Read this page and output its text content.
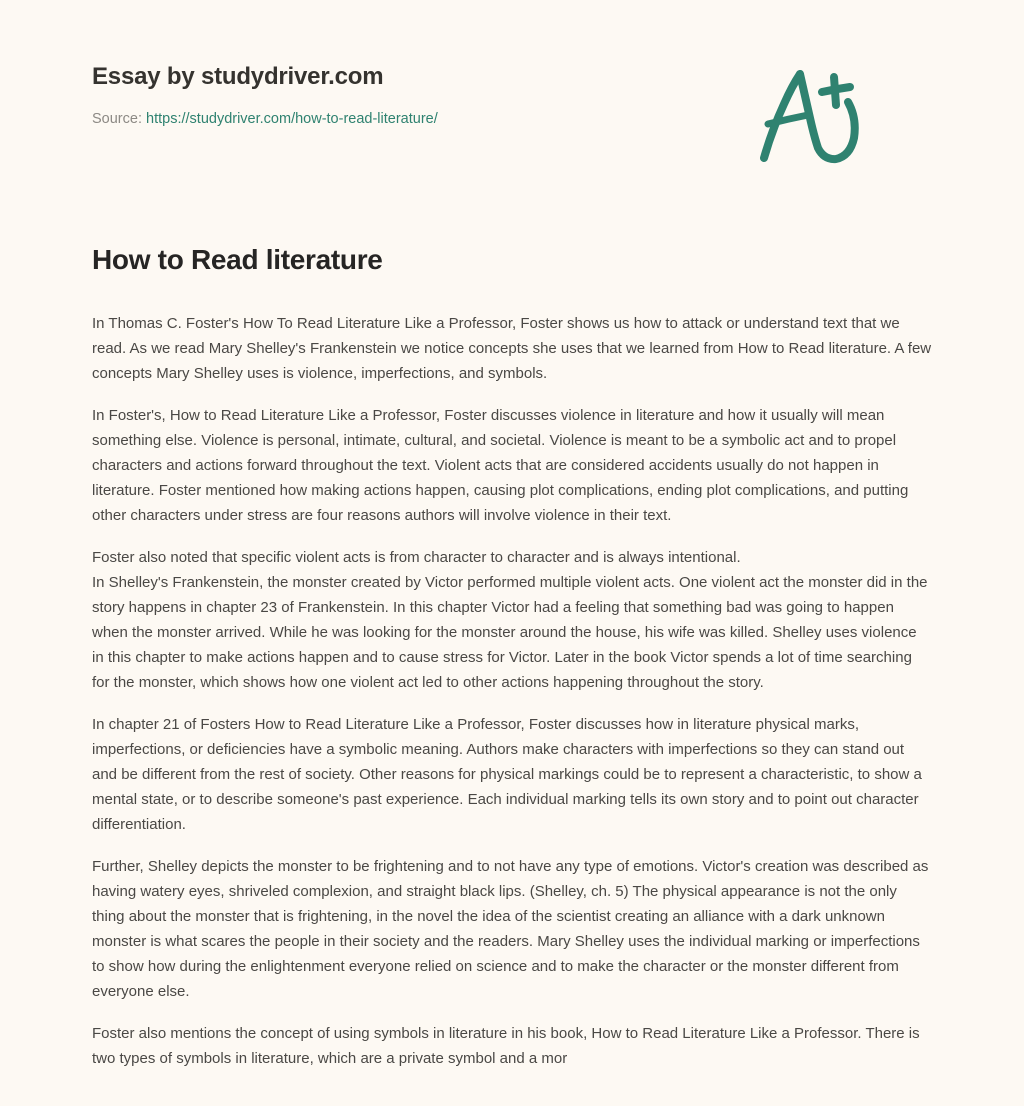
Essay by studydriver.com
Source: https://studydriver.com/how-to-read-literature/
How to Read literature

In Thomas C. Foster's How To Read Literature Like a Professor, Foster shows us how to attack or understand text that we read. As we read Mary Shelley's Frankenstein we notice concepts she uses that we learned from How to Read literature. A few concepts Mary Shelley uses is violence, imperfections, and symbols.

In Foster's, How to Read Literature Like a Professor, Foster discusses violence in literature and how it usually will mean something else. Violence is personal, intimate, cultural, and societal. Violence is meant to be a symbolic act and to propel characters and actions forward throughout the text. Violent acts that are considered accidents usually do not happen in literature. Foster mentioned how making actions happen, causing plot complications, ending plot complications, and putting other characters under stress are four reasons authors will involve violence in their text.

Foster also noted that specific violent acts is from character to character and is always intentional.
In Shelley's Frankenstein, the monster created by Victor performed multiple violent acts. One violent act the monster did in the story happens in chapter 23 of Frankenstein. In this chapter Victor had a feeling that something bad was going to happen when the monster arrived. While he was looking for the monster around the house, his wife was killed. Shelley uses violence in this chapter to make actions happen and to cause stress for Victor. Later in the book Victor spends a lot of time searching for the monster, which shows how one violent act led to other actions happening throughout the story.

In chapter 21 of Fosters How to Read Literature Like a Professor, Foster discusses how in literature physical marks, imperfections, or deficiencies have a symbolic meaning. Authors make characters with imperfections so they can stand out and be different from the rest of society. Other reasons for physical markings could be to represent a characteristic, to show a mental state, or to describe someone's past experience. Each individual marking tells its own story and to point out character differentiation.

Further, Shelley depicts the monster to be frightening and to not have any type of emotions. Victor's creation was described as having watery eyes, shriveled complexion, and straight black lips. (Shelley, ch. 5) The physical appearance is not the only thing about the monster that is frightening, in the novel the idea of the scientist creating an alliance with a dark unknown monster is what scares the people in their society and the readers. Mary Shelley uses the individual marking or imperfections to show how during the enlightenment everyone relied on science and to make the character or the monster different from everyone else.

Foster also mentions the concept of using symbols in literature in his book, How to Read Literature Like a Professor. There is two types of symbols in literature, which are a private symbol and a mor
